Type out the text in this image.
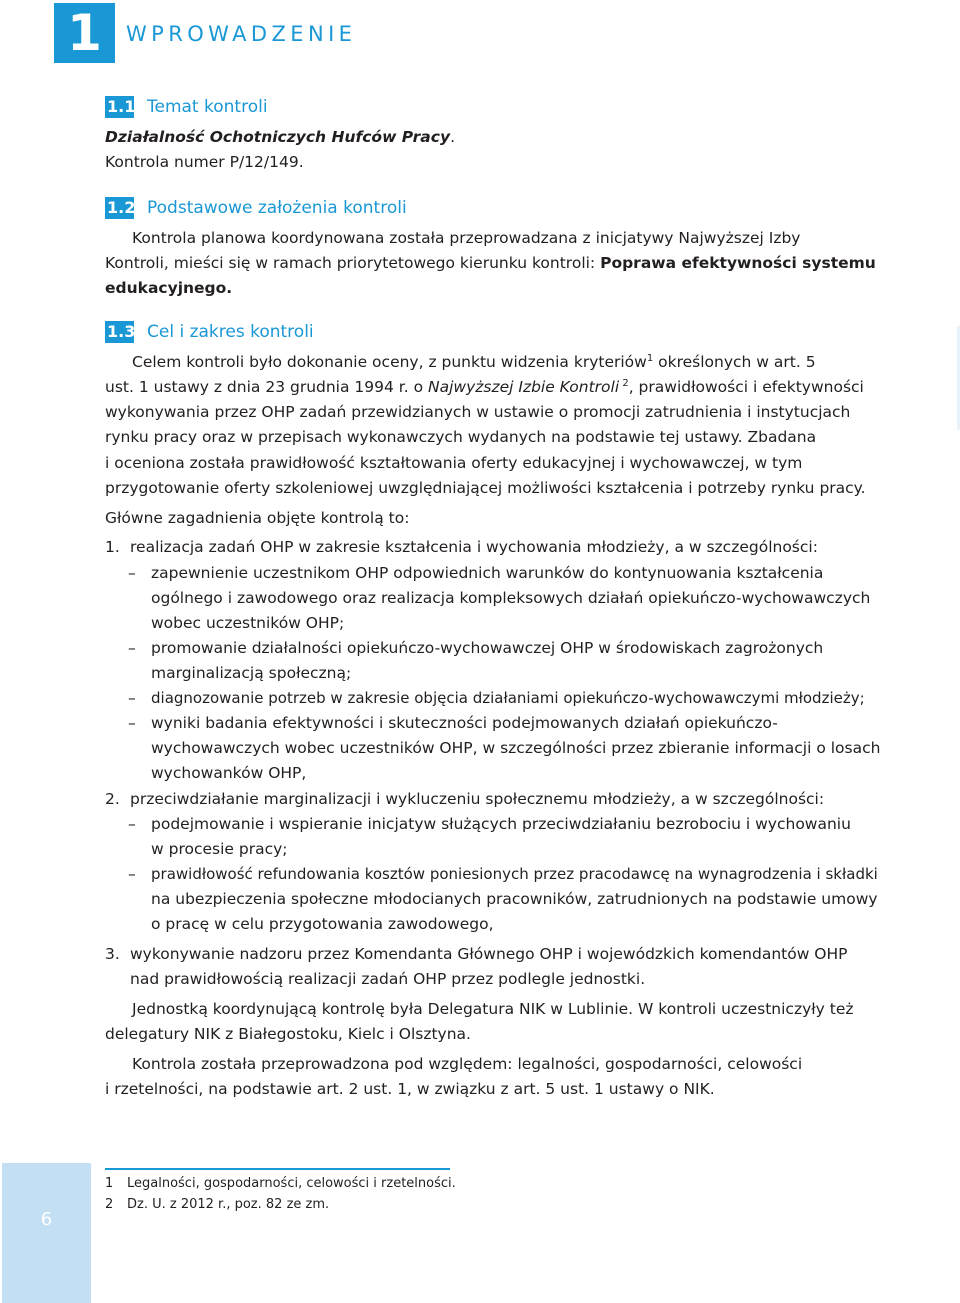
1	WPROWADZENIE
1.1 Temat kontroli
Działalność Ochotniczych Hufców Pracy.
Kontrola numer P/12/149.
1.2 Podstawowe założenia kontroli
Kontrola planowa koordynowana została przeprowadzana z inicjatywy Najwyższej Izby
Kontroli, mieści się w ramach priorytetowego kierunku kontroli: Poprawa efektywności systemu
edukacyjnego.
1.3 Cel i zakres kontroli
Celem kontroli było dokonanie oceny, z punktu widzenia kryteriów$^1$ określonych w art. 5
ust. 1 ustawy z dnia 23 grudnia 1994 r. o Najwyższej Izbie Kontroli $^2$, prawidłowości i efektywności
wykonywania przez OHP zadań przewidzianych w ustawie o promocji zatrudnienia i instytucjach
rynku pracy oraz w przepisach wykonawczych wydanych na podstawie tej ustawy. Zbadana
i oceniona została prawidłowość kształtowania oferty edukacyjnej i wychowawczej, w tym
przygotowanie oferty szkoleniowej uwzględniającej możliwości kształcenia i potrzeby rynku pracy.
Główne zagadnienia objęte kontrolą to:
1. realizacja zadań OHP w zakresie kształcenia i wychowania młodzieży, a w szczególności:
– zapewnienie uczestnikom OHP odpowiednich warunków do kontynuowania kształcenia
ogólnego i zawodowego oraz realizacja kompleksowych działań opiekuńczo-wychowawczych
wobec uczestników OHP;
– promowanie działalności opiekuńczo-wychowawczej OHP w środowiskach zagrożonych
marginalizacją społeczną;
– diagnozowanie potrzeb w zakresie objęcia działaniami opiekuńczo-wychowawczymi młodzieży;
– wyniki badania efektywności i skuteczności podejmowanych działań opiekuńczo-
wychowawczych wobec uczestników OHP, w szczególności przez zbieranie informacji o losach
wychowanków OHP,
2. przeciwdziałanie marginalizacji i wykluczeniu społecznemu młodzieży, a w szczególności:
– podejmowanie i wspieranie inicjatyw służących przeciwdziałaniu bezrobociu i wychowaniu
w procesie pracy;
– prawidłowość refundowania kosztów poniesionych przez pracodawcę na wynagrodzenia i składki
na ubezpieczenia społeczne młodocianych pracowników, zatrudnionych na podstawie umowy
o pracę w celu przygotowania zawodowego,
3. wykonywanie nadzoru przez Komendanta Głównego OHP i wojewódzkich komendantów OHP
nad prawidłowością realizacji zadań OHP przez podlegle jednostki.
Jednostką koordynującą kontrolę była Delegatura NIK w Lublinie. W kontroli uczestniczyły też
delegatury NIK z Białegostoku, Kielc i Olsztyna.
Kontrola została przeprowadzona pod względem: legalności, gospodarności, celowości
i rzetelności, na podstawie art. 2 ust. 1, w związku z art. 5 ust. 1 ustawy o NIK.
6
1 Legalności, gospodarności, celowości i rzetelności.
2 Dz. U. z 2012 r., poz. 82 ze zm.
